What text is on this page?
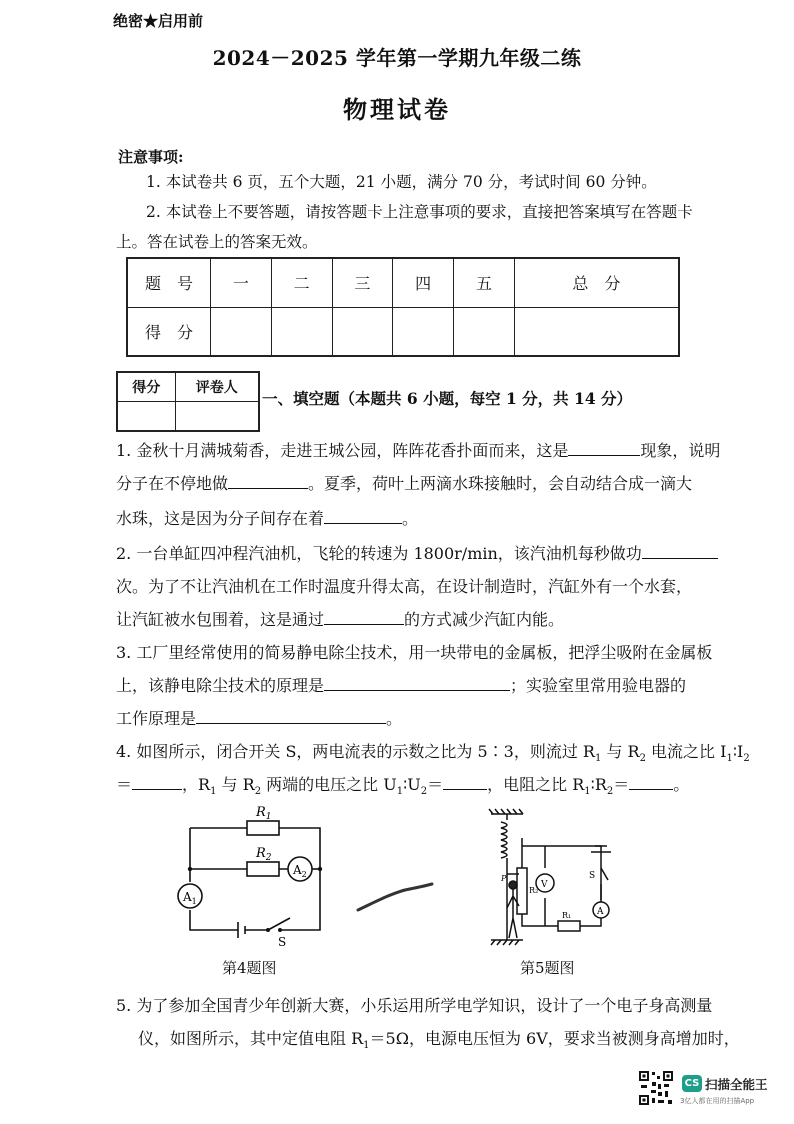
绝密★启用前
2024－2025 学年第一学期九年级二练
物理试卷
注意事项:
1. 本试卷共 6 页，五个大题，21 小题，满分 70 分，考试时间 60 分钟。
2. 本试卷上不要答题，请按答题卡上注意事项的要求，直接把答案填写在答题卡
上。答在试卷上的答案无效。
题　号	一	二	三	四	五	总　分
得　分						
得分	评卷人

一、填空题（本题共 6 小题，每空 1 分，共 14 分）
1. 金秋十月满城菊香，走进王城公园，阵阵花香扑面而来，这是	现象，说明
分子在不停地做	。夏季，荷叶上两滴水珠接触时，会自动结合成一滴大
水珠，这是因为分子间存在着	。
2. 一台单缸四冲程汽油机，飞轮的转速为 1800r/min，该汽油机每秒做功
次。为了不让汽油机在工作时温度升得太高，在设计制造时，汽缸外有一个水套，
让汽缸被水包围着，这是通过	的方式减少汽缸内能。
3. 工厂里经常使用的简易静电除尘技术，用一块带电的金属板，把浮尘吸附在金属板
上，该静电除尘技术的原理是	；实验室里常用验电器的
工作原理是	。
4. 如图所示，闭合开关 S，两电流表的示数之比为 5∶3，则流过 $R_1$ 与 $R_2$ 电流之比 $I_1∶I_2$
＝	，$R_1$ 与 $R_2$ 两端的电压之比 $U_1∶U_2=$	，电阻之比 $R_1∶R_2=$	。
$R_1$
$R_2$
$A_1$
$A_2$
S
第4题图
P
R₂
V
S
A
R₁
第5题图
5. 为了参加全国青少年创新大赛，小乐运用所学电学知识，设计了一个电子身高测量
仪，如图所示，其中定值电阻 $R_1=5\Omega$，电源电压恒为 6V，要求当被测身高增加时，
CS 扫描全能王
3亿人都在用的扫描App
